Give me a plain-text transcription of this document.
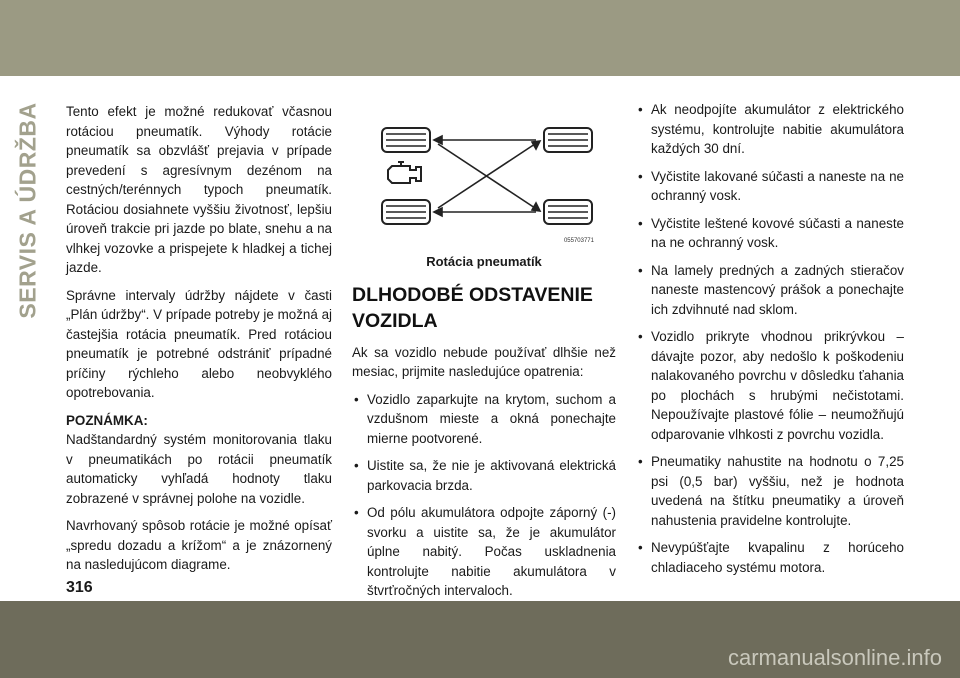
SERVIS A ÚDRŽBA Tento efekt je možné redukovať včasnou rotáciou pneumatík. Výhody rotácie pneumatík sa obzvlášť prejavia v prípade prevedení s agresívnym dezénom na cestných/terénnych typoch pneumatík. Rotáciou dosiahnete vyššiu životnosť, lepšiu úroveň trakcie pri jazde po blate, snehu a na vlhkej vozovke a prispejete k hladkej a tichej jazde.

Správne intervaly údržby nájdete v časti „Plán údržby“. V prípade potreby je možná aj častejšia rotácia pneumatík. Pred rotáciou pneumatík je potrebné odstrániť prípadné príčiny rýchleho alebo neobvyklého opotrebovania.

POZNÁMKA:

Nadštandardný systém monitorovania tlaku v pneumatikách po rotácii pneumatík automaticky vyhľadá hodnoty tlaku zobrazené v správnej polohe na vozidle.

Navrhovaný spôsob rotácie je možné opísať „spredu dozadu a krížom“ a je znázornený na nasledujúcom diagrame.

055703771
Rotácia pneumatík
DLHODOBÉ ODSTAVENIE
VOZIDLA

Ak sa vozidlo nebude používať dlhšie než mesiac, prijmite nasledujúce opatrenia:

• Vozidlo zaparkujte na krytom, suchom a vzdušnom mieste a okná ponechajte mierne pootvorené.
• Uistite sa, že nie je aktivovaná elektrická parkovacia brzda.
• Od pólu akumulátora odpojte záporný (-) svorku a uistite sa, že je akumulátor úplne nabitý. Počas uskladnenia kontrolujte nabitie akumulátora v štvrťročných intervaloch.
• Ak neodpojíte akumulátor z elektrického systému, kontrolujte nabitie akumulátora každých 30 dní.
• Vyčistite lakované súčasti a naneste na ne ochranný vosk.
• Vyčistite leštené kovové súčasti a naneste na ne ochranný vosk.
• Na lamely predných a zadných stieračov naneste mastencový prášok a ponechajte ich zdvihnuté nad sklom.
• Vozidlo prikryte vhodnou prikrývkou – dávajte pozor, aby nedošlo k poškodeniu nalakovaného povrchu v dôsledku ťahania po plochách s hrubými nečistotami. Nepoužívajte plastové fólie – neumožňujú odparovanie vlhkosti z povrchu vozidla.
• Pneumatiky nahustite na hodnotu o 7,25 psi (0,5 bar) vyššiu, než je hodnota uvedená na štítku pneumatiky a úroveň nahustenia pravidelne kontrolujte.
• Nevypúšťajte kvapalinu z horúceho chladiaceho systému motora.
316
carmanualsonline.info
